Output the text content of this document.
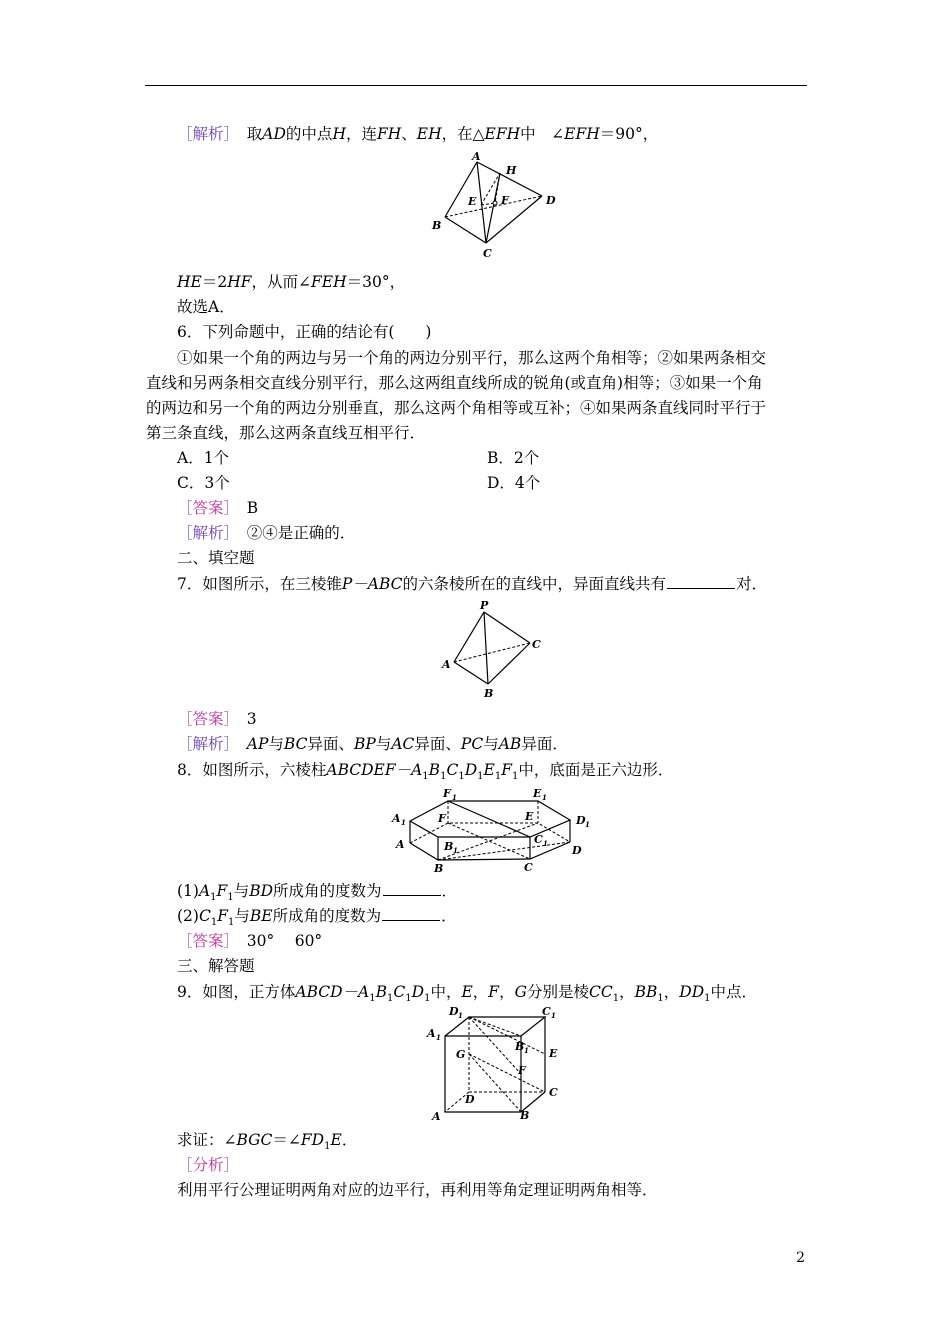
［解析］　 取AD的中点H，连FH、EH，在△EFH中　∠EFH＝90°，
A
H
E F	D
B
C
HE＝2HF，从而∠FEH＝30°，
故选A．
6．下列命题中，正确的结论有(　　)
①如果一个角的两边与另一个角的两边分别平行，那么这两个角相等；②如果两条相交
直线和另两条相交直线分别平行，那么这两组直线所成的锐角(或直角)相等；③如果一个角
的两边和另一个角的两边分别垂直，那么这两个角相等或互补；④如果两条直线同时平行于
第三条直线，那么这两条直线互相平行．
A．1个	B．2个
C．3个	D．4个
［答案］　 B
［解析］　 ②④是正确的．
二、填空题
7．如图所示，在三棱锥P－ABC的六条棱所在的直线中，异面直线共有	对．
P
A
B
C
［答案］　 3
［解析］　 AP与BC异面、BP与AC异面、PC与AB异面．
8．如图所示，六棱柱$ABCDEF-A_1B_1C_1D_1E_1F_1$中，底面是正六边形．
F 1	E 1
A 1	D 1
F	E
C 1
A	B 1	D
B	C
$(1)A_1F_1$与BD所成角的度数为	．
$(2)C_1F_1$与BE所成角的度数为	．
［答案］　 30°　 60°
三、解答题
9．如图，正方体$ABCD-A_1B_1C_1D_1$中，E，F，G分别是棱$CC_1$，$BB_1$，$DD_1$中点．
D 1	C 1
A 1
B 1
G	E
F
C
D
A	B
求证：$\angle BGC=\angle FD_1E$．
［分析］
利用平行公理证明两角对应的边平行，再利用等角定理证明两角相等．
2
